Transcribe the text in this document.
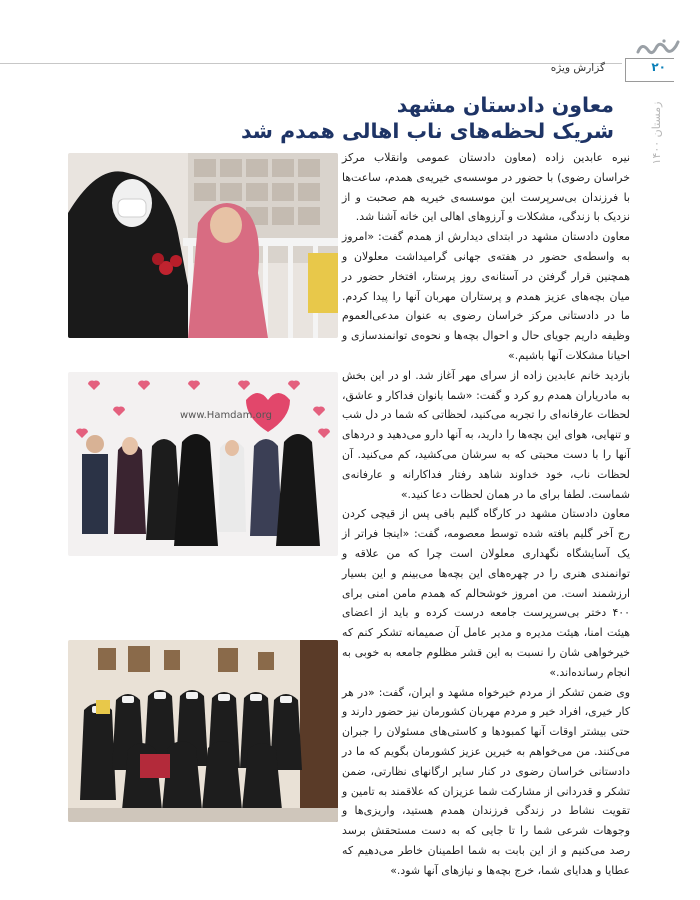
گزارش ویژه	۲۰
زمستان ۱۴۰۰
معاون دادستان مشهد
شریک لحظه‌های ناب اهالی همدم شد

نیره عابدین زاده (معاون دادستان عمومی وانقلاب مرکز خراسان رضوی) با حضور در موسسه‌ی خیریه‌ی همدم، ساعت‌ها با فرزندان بی‌سرپرست این موسسه‌ی خیریه هم صحبت و از نزدیک با زندگی، مشکلات و آرزوهای اهالی این خانه آشنا شد.

معاون دادستان مشهد در ابتدای دیدارش از همدم گفت: «امروز به واسطه‌ی حضور در هفته‌ی جهانی گرامیداشت معلولان و همچنین قرار گرفتن در آستانه‌ی روز پرستار، افتخار حضور در میان بچه‌های عزیز همدم و پرستاران مهربان آنها را پیدا کردم. ما در دادستانی مرکز خراسان رضوی به عنوان مدعی‌العموم وظیفه داریم جویای حال و احوال بچه‌ها و نحوه‌ی توانمندسازی و احیانا مشکلات آنها باشیم.»

بازدید خانم عابدین زاده از سرای مهر آغاز شد. او در این بخش به مادریاران همدم رو کرد و گفت: «شما بانوان فداکار و عاشق، لحظات عارفانه‌ای را تجربه می‌کنید، لحظاتی که شما در دل شب و تنهایی، هوای این بچه‌ها را دارید، به آنها دارو می‌دهید و دردهای آنها را با دست محبتی که به سرشان می‌کشید، کم می‌کنید. آن لحظات ناب، خود خداوند شاهد رفتار فداکارانه و عارفانه‌ی شماست. لطفا برای ما در همان لحظات دعا کنید.»

معاون دادستان مشهد در کارگاه گلیم بافی پس از قیچی کردن رج آخر گلیم بافته شده توسط معصومه، گفت: «اینجا فراتر از یک آسایشگاه نگهداری معلولان است چرا که من علاقه و توانمندی هنری را در چهره‌های این بچه‌ها می‌بینم و این بسیار ارزشمند است. من امروز خوشحالم که همدم مامن امنی برای ۴۰۰ دختر بی‌سرپرست جامعه درست کرده و باید از اعضای هیئت امنا، هیئت مدیره و مدیر عامل آن صمیمانه تشکر کنم که خیرخواهی شان را نسبت به این قشر مظلوم جامعه به خوبی به انجام رسانده‌اند.»

وی ضمن تشکر از مردم خیرخواه مشهد و ایران، گفت: «در هر کار خیری، افراد خیر و مردم مهربان کشورمان نیز حضور دارند و حتی بیشتر اوقات آنها کمبودها و کاستی‌های مسئولان را جبران می‌کنند. من می‌خواهم به خیرین عزیز کشورمان بگویم که ما در دادستانی خراسان رضوی در کنار سایر ارگانهای نظارتی، ضمن تشکر و قدردانی از مشارکت شما عزیزان که علاقمند به تامین و تقویت نشاط در زندگی فرزندان همدم هستید، واریزی‌ها و وجوهات شرعی شما را تا جایی که به دست مستحقش برسد رصد می‌کنیم و از این بابت به شما اطمینان خاطر می‌دهیم که عطایا و هدایای شما، خرج بچه‌ها و نیازهای آنها شود.»

www.Hamdam.org
